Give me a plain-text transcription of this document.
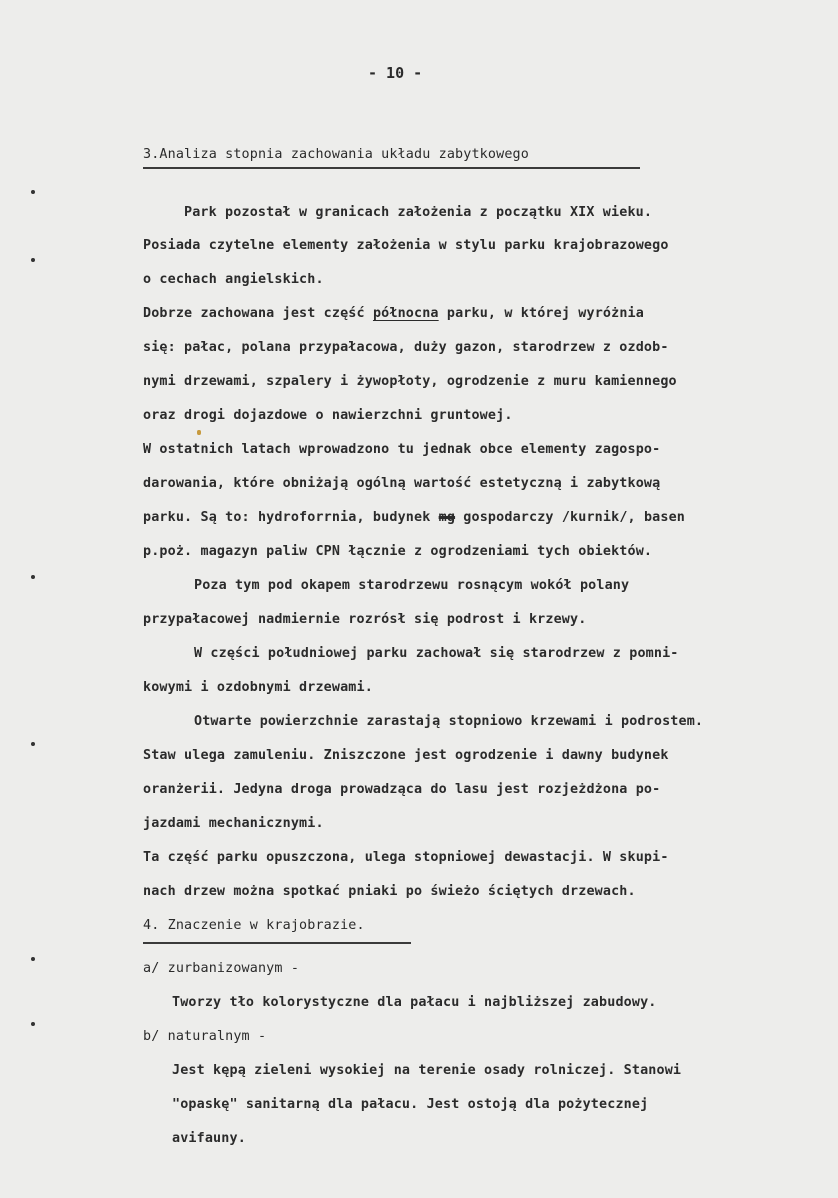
- 10 -
3.Analiza stopnia zachowania układu zabytkowego
Park pozostał w granicach założenia z początku XIX wieku.
Posiada czytelne elementy założenia w stylu parku krajobrazowego
o cechach angielskich.
Dobrze zachowana jest część północna parku, w której wyróżnia
się: pałac, polana przypałacowa, duży gazon, starodrzew z ozdob-
nymi drzewami, szpalery i żywopłoty, ogrodzenie z muru kamiennego
oraz drogi dojazdowe o nawierzchni gruntowej.
W ostatnich latach wprowadzono tu jednak obce elementy zagospo-
darowania, które obniżają ogólną wartość estetyczną i zabytkową
parku. Są to: hydroforrnia, budynek mg gospodarczy /kurnik/, basen
p.poż. magazyn paliw CPN łącznie z ogrodzeniami tych obiektów.
Poza tym pod okapem starodrzewu rosnącym wokół polany
przypałacowej nadmiernie rozrósł się podrost i krzewy.
W części południowej parku zachował się starodrzew z pomni-
kowymi i ozdobnymi drzewami.
Otwarte powierzchnie zarastają stopniowo krzewami i podrostem.
Staw ulega zamuleniu. Zniszczone jest ogrodzenie i dawny budynek
oranżerii. Jedyna droga prowadząca do lasu jest rozjeżdżona po-
jazdami mechanicznymi.
Ta część parku opuszczona, ulega stopniowej dewastacji. W skupi-
nach drzew można spotkać pniaki po świeżo ściętych drzewach.
4. Znaczenie w krajobrazie.
a/ zurbanizowanym -
Tworzy tło kolorystyczne dla pałacu i najbliższej zabudowy.
b/ naturalnym -
Jest kępą zieleni wysokiej na terenie osady rolniczej. Stanowi
"opaskę" sanitarną dla pałacu. Jest ostoją dla pożytecznej
avifauny.
